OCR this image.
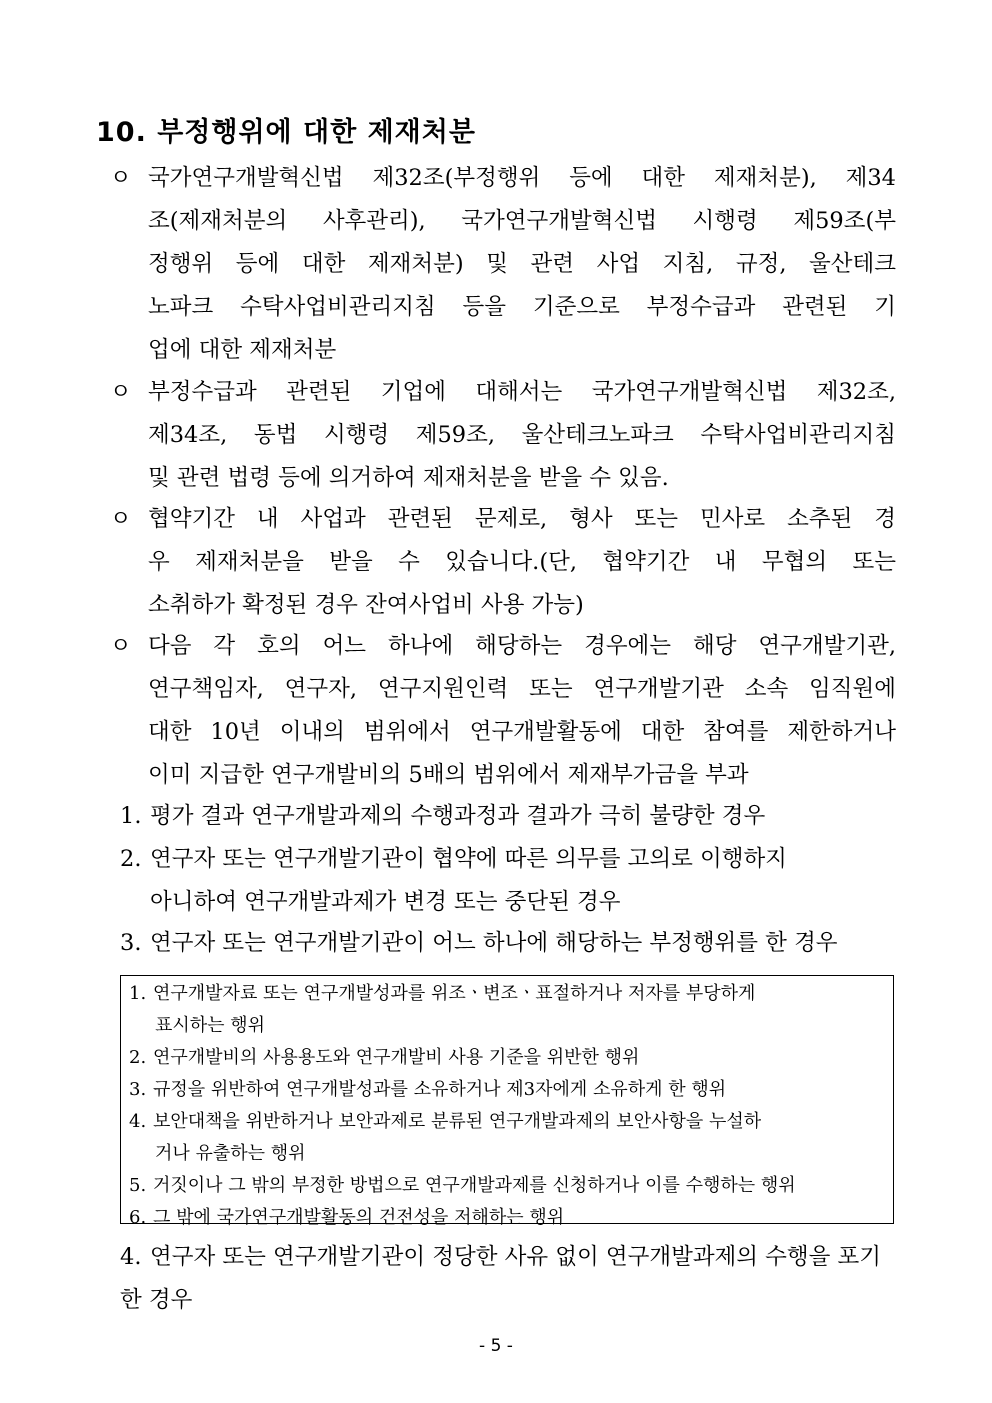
10. 부정행위에 대한 제재처분
ㅇ 국가연구개발혁신법 제32조(부정행위 등에 대한 제재처분), 제34
조(제재처분의 사후관리), 국가연구개발혁신법 시행령 제59조(부
정행위 등에 대한 제재처분) 및 관련 사업 지침, 규정, 울산테크
노파크 수탁사업비관리지침 등을 기준으로 부정수급과 관련된 기
업에 대한 제재처분
ㅇ 부정수급과 관련된 기업에 대해서는 국가연구개발혁신법 제32조,
제34조, 동법 시행령 제59조, 울산테크노파크 수탁사업비관리지침
및 관련 법령 등에 의거하여 제재처분을 받을 수 있음.
ㅇ 협약기간 내 사업과 관련된 문제로, 형사 또는 민사로 소추된 경
우 제재처분을 받을 수 있습니다.(단, 협약기간 내 무협의 또는
소취하가 확정된 경우 잔여사업비 사용 가능)
ㅇ 다음 각 호의 어느 하나에 해당하는 경우에는 해당 연구개발기관,
연구책임자, 연구자, 연구지원인력 또는 연구개발기관 소속 임직원에
대한 10년 이내의 범위에서 연구개발활동에 대한 참여를 제한하거나
이미 지급한 연구개발비의 5배의 범위에서 제재부가금을 부과
1. 평가 결과 연구개발과제의 수행과정과 결과가 극히 불량한 경우
2. 연구자 또는 연구개발기관이 협약에 따른 의무를 고의로 이행하지
아니하여 연구개발과제가 변경 또는 중단된 경우
3. 연구자 또는 연구개발기관이 어느 하나에 해당하는 부정행위를 한 경우
1. 연구개발자료 또는 연구개발성과를 위조ㆍ변조ㆍ표절하거나 저자를 부당하게
표시하는 행위
2. 연구개발비의 사용용도와 연구개발비 사용 기준을 위반한 행위
3. 규정을 위반하여 연구개발성과를 소유하거나 제3자에게 소유하게 한 행위
4. 보안대책을 위반하거나 보안과제로 분류된 연구개발과제의 보안사항을 누설하
거나 유출하는 행위
5. 거짓이나 그 밖의 부정한 방법으로 연구개발과제를 신청하거나 이를 수행하는 행위
6. 그 밖에 국가연구개발활동의 건전성을 저해하는 행위
4. 연구자 또는 연구개발기관이 정당한 사유 없이 연구개발과제의 수행을 포기한 경우
- 5 -
